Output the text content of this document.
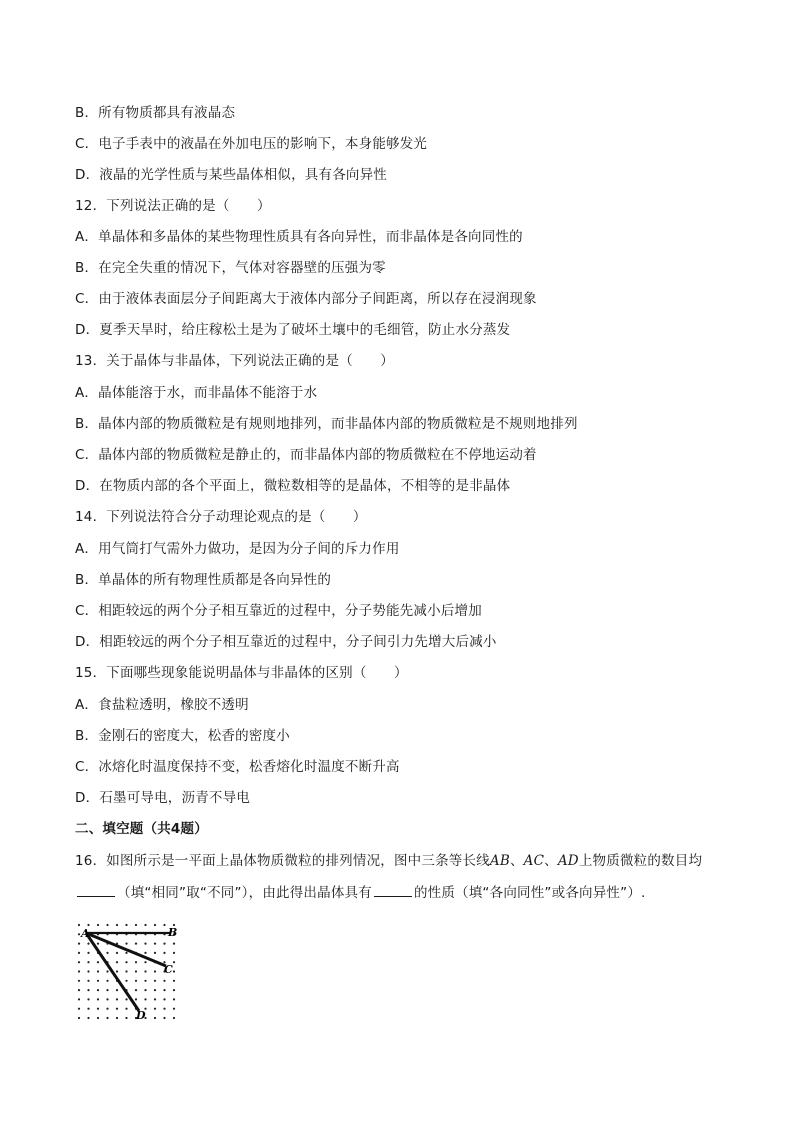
B．所有物质都具有液晶态
C．电子手表中的液晶在外加电压的影响下，本身能够发光
D．液晶的光学性质与某些晶体相似，具有各向异性
12．下列说法正确的是（　　）
A．单晶体和多晶体的某些物理性质具有各向异性，而非晶体是各向同性的
B．在完全失重的情况下，气体对容器壁的压强为零
C．由于液体表面层分子间距离大于液体内部分子间距离，所以存在浸润现象
D．夏季天旱时，给庄稼松土是为了破坏土壤中的毛细管，防止水分蒸发
13．关于晶体与非晶体，下列说法正确的是（　　）
A．晶体能溶于水，而非晶体不能溶于水
B．晶体内部的物质微粒是有规则地排列，而非晶体内部的物质微粒是不规则地排列
C．晶体内部的物质微粒是静止的，而非晶体内部的物质微粒在不停地运动着
D．在物质内部的各个平面上，微粒数相等的是晶体，不相等的是非晶体
14．下列说法符合分子动理论观点的是（　　）
A．用气筒打气需外力做功，是因为分子间的斥力作用
B．单晶体的所有物理性质都是各向异性的
C．相距较远的两个分子相互靠近的过程中，分子势能先减小后增加
D．相距较远的两个分子相互靠近的过程中，分子间引力先增大后减小
15．下面哪些现象能说明晶体与非晶体的区别（　　）
A．食盐粒透明，橡胶不透明
B．金刚石的密度大，松香的密度小
C．冰熔化时温度保持不变，松香熔化时温度不断升高
D．石墨可导电，沥青不导电
二、填空题（共4题）
16．如图所示是一平面上晶体物质微粒的排列情况，图中三条等长线AB、AC、AD上物质微粒的数目均
（填“相同”取“不同”），由此得出晶体具有	的性质（填“各向同性”或各向异性”）.
A	B
C
D
